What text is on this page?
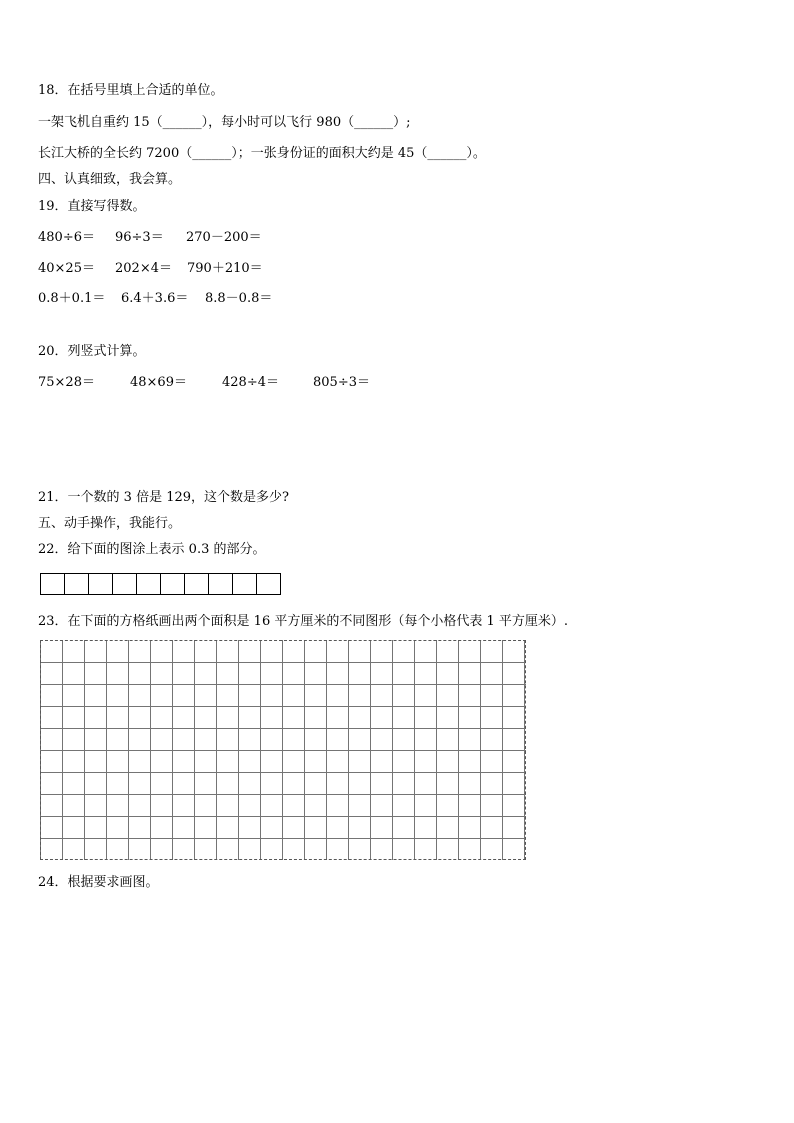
18．在括号里填上合适的单位。
一架飞机自重约 15（______），每小时可以飞行 980（______）;
长江大桥的全长约 7200（______）；一张身份证的面积大约是 45（______）。
四、认真细致，我会算。
19．直接写得数。
480÷6＝ 96÷3＝ 270－200＝
40×25＝ 202×4＝ 790＋210＝
0.8＋0.1＝ 6.4＋3.6＝ 8.8－0.8＝
20．列竖式计算。
75×28＝	48×69＝	428÷4＝	805÷3＝
21．一个数的 3 倍是 129，这个数是多少?
五、动手操作，我能行。
22．给下面的图涂上表示 0.3 的部分。
23．在下面的方格纸画出两个面积是 16 平方厘米的不同图形（每个小格代表 1 平方厘米）.
24．根据要求画图。
